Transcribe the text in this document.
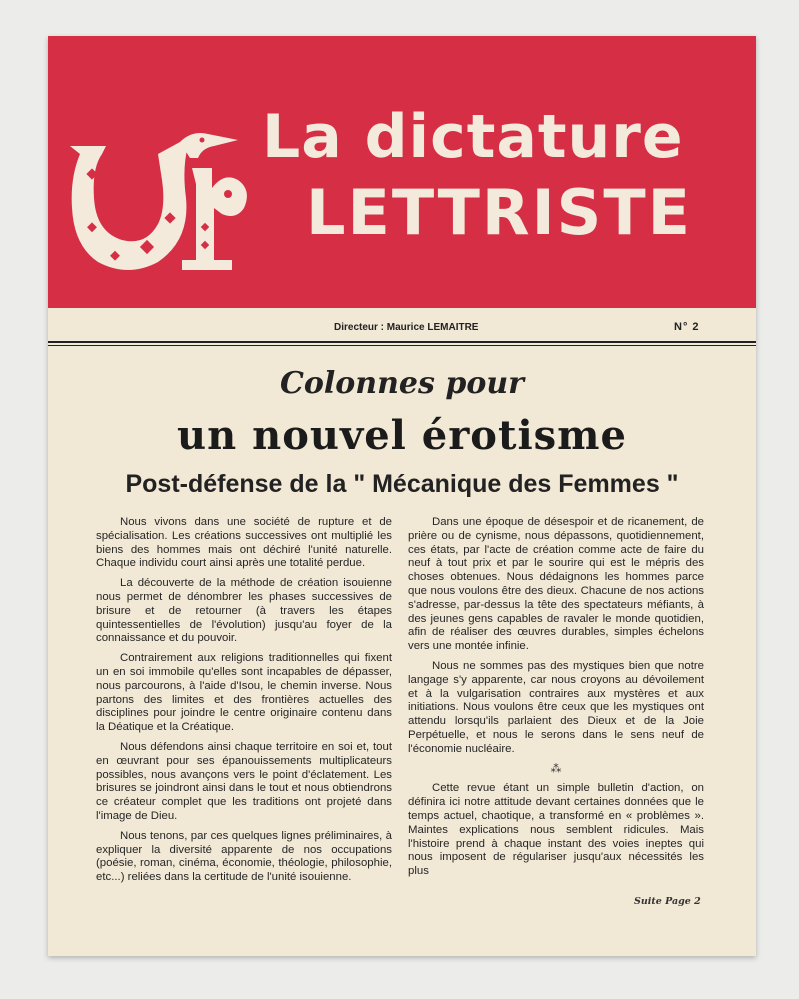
La dictature
LETTRISTE
Directeur : Maurice LEMAITRE	N° 2
Colonnes pour
un nouvel érotisme
Post-défense de la " Mécanique des Femmes "

Nous vivons dans une société de rupture et de spécialisation. Les créations successives ont multiplié les biens des hommes mais ont déchiré l'unité naturelle. Chaque individu court ainsi après une totalité perdue.

La découverte de la méthode de création isouienne nous permet de dénombrer les phases successives de brisure et de retourner (à travers les étapes quintessentielles de l'évolution) jusqu'au foyer de la connaissance et du pouvoir.

Contrairement aux religions traditionnelles qui fixent un en soi immobile qu'elles sont incapables de dépasser, nous parcourons, à l'aide d'Isou, le chemin inverse. Nous partons des limites et des frontières actuelles des disciplines pour joindre le centre originaire contenu dans la Déatique et la Créatique.

Nous défendons ainsi chaque territoire en soi et, tout en œuvrant pour ses épanouissements multiplicateurs possibles, nous avançons vers le point d'éclatement. Les brisures se joindront ainsi dans le tout et nous obtiendrons ce créateur complet que les traditions ont projeté dans l'image de Dieu.

Nous tenons, par ces quelques lignes préliminaires, à expliquer la diversité apparente de nos occupations (poésie, roman, cinéma, économie, théologie, philosophie, etc...) reliées dans la certitude de l'unité isouienne.

Dans une époque de désespoir et de ricanement, de prière ou de cynisme, nous dépassons, quotidiennement, ces états, par l'acte de création comme acte de faire du neuf à tout prix et par le sourire qui est le mépris des choses obtenues. Nous dédaignons les hommes parce que nous voulons être des dieux. Chacune de nos actions s'adresse, par-dessus la tête des spectateurs méfiants, à des jeunes gens capables de ravaler le monde quotidien, afin de réaliser des œuvres durables, simples échelons vers une montée infinie.

Nous ne sommes pas des mystiques bien que notre langage s'y apparente, car nous croyons au dévoilement et à la vulgarisation contraires aux mystères et aux initiations. Nous voulons être ceux que les mystiques ont attendu lorsqu'ils parlaient des Dieux et de la Joie Perpétuelle, et nous le serons dans le sens neuf de l'économie nucléaire.

⁂

Cette revue étant un simple bulletin d'action, on définira ici notre attitude devant certaines données que le temps actuel, chaotique, a transformé en « problèmes ». Maintes explications nous semblent ridicules. Mais l'histoire prend à chaque instant des voies ineptes qui nous imposent de régulariser jusqu'aux nécessités les plus

Suite Page 2
